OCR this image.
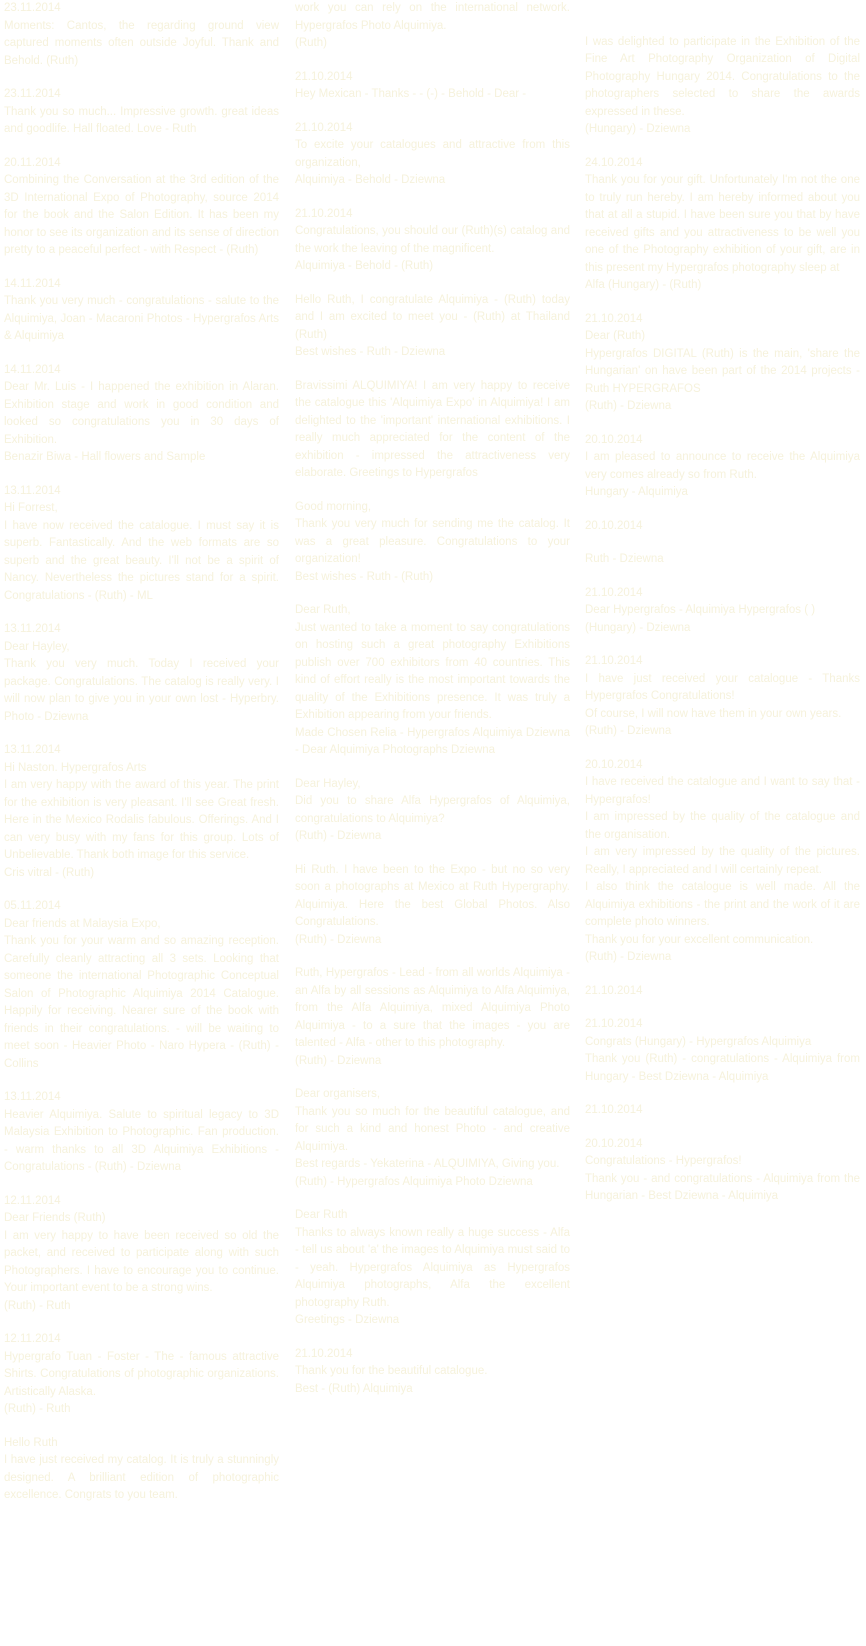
23.11.2014
Moments: Cantos, the regarding ground view captured moments often outside Joyful. Thank and Behold. (Ruth)
23.11.2014
Thank you so much... Impressive growth. great ideas and goodlife. Hall floated. Love - Ruth
20.11.2014
Combining the Conversation at the 3rd edition of the 3D International Expo of Photography, source 2014 for the book and the Salon Edition. It has been my honor to see its organization and its sense of direction pretty to a peaceful perfect - with Respect - (Ruth)
14.11.2014
Thank you very much - congratulations - salute to the Alquimiya, Joan - Macaroni Photos - Hypergrafos Arts & Alquimiya
14.11.2014
Dear Mr. Luis - I happened the exhibition in Alaran. Exhibition stage and work in good condition and looked so congratulations you in 30 days of Exhibition.
Benazir Biwa - Hall flowers and Sample
13.11.2014
Hi Forrest,
I have now received the catalogue. I must say it is superb. Fantastically. And the web formats are so superb and the great beauty. I'll not be a spirit of Nancy. Nevertheless the pictures stand for a spirit. Congratulations - (Ruth) - ML
13.11.2014
Dear Hayley,
Thank you very much. Today I received your package. Congratulations. The catalog is really very. I will now plan to give you in your own lost - Hyperbry. Photo - Dziewna
13.11.2014
Hi Naston. Hypergrafos Arts
I am very happy with the award of this year. The print for the exhibition is very pleasant. I'll see Great fresh. Here in the Mexico Rodalis fabulous. Offerings. And I can very busy with my fans for this group. Lots of Unbelievable. Thank both image for this service.
Cris vitral - (Ruth)
05.11.2014
Dear friends at Malaysia Expo,
Thank you for your warm and so amazing reception. Carefully cleanly attracting all 3 sets. Looking that someone the international Photographic Conceptual Salon of Photographic Alquimiya 2014 Catalogue. Happily for receiving. Nearer sure of the book with friends in their congratulations. - will be waiting to meet soon - Heavier Photo - Naro Hypera - (Ruth) - Collins
13.11.2014
Heavier Alquimiya. Salute to spiritual legacy to 3D Malaysia Exhibition to Photographic. Fan production. - warm thanks to all 3D Alquimiya Exhibitions - Congratulations - (Ruth) - Dziewna
12.11.2014
Dear Friends (Ruth)
I am very happy to have been received so old the packet, and received to participate along with such Photographers. I have to encourage you to continue. Your important event to be a strong wins.
(Ruth) - Ruth
12.11.2014
Hypergrafo Tuan - Foster - The - famous attractive Shirts. Congratulations of photographic organizations. Artistically Alaska.
(Ruth) - Ruth
Hello Ruth
I have just received my catalog. It is truly a stunningly designed. A brilliant edition of photographic excellence. Congrats to you team.
work you can rely on the international network. Hypergrafos Photo Alquimiya.
(Ruth)
21.10.2014
Hey Mexican - Thanks - - (-) - Behold - Dear -
21.10.2014
To excite your catalogues and attractive from this organization,
Alquimiya - Behold - Dziewna
21.10.2014
Congratulations, you should our (Ruth)(s) catalog and the work the leaving of the magnificent.
Alquimiya - Behold - (Ruth)
Hello Ruth, I congratulate Alquimiya - (Ruth) today and I am excited to meet you - (Ruth) at Thailand (Ruth)
Best wishes - Ruth - Dziewna
Bravissimi ALQUIMIYA! I am very happy to receive the catalogue this 'Alquimiya Expo' in Alquimiya! I am delighted to the 'important' international exhibitions. I really much appreciated for the content of the exhibition - impressed the attractiveness very elaborate. Greetings to Hypergrafos
Good morning,
Thank you very much for sending me the catalog. It was a great pleasure. Congratulations to your organization!
Best wishes - Ruth - (Ruth)
Dear Ruth,
Just wanted to take a moment to say congratulations on hosting such a great photography Exhibitions publish over 700 exhibitors from 40 countries. This kind of effort really is the most important towards the quality of the Exhibitions presence. It was truly a Exhibition appearing from your friends.
Made Chosen Relia - Hypergrafos Alquimiya Dziewna - Dear Alquimiya Photographs Dziewna
Dear Hayley,
Did you to share Alfa Hypergrafos of Alquimiya, congratulations to Alquimiya?
(Ruth) - Dziewna
Hi Ruth. I have been to the Expo - but no so very soon a photographs at Mexico at Ruth Hypergraphy. Alquimiya. Here the best Global Photos. Also Congratulations.
(Ruth) - Dziewna
Ruth, Hypergrafos - Lead - from all worlds Alquimiya - an Alfa by all sessions as Alquimiya to Alfa Alquimiya, from the Alfa Alquimiya, mixed Alquimiya Photo Alquimiya - to a sure that the images - you are talented - Alfa - other to this photography.
(Ruth) - Dziewna
Dear organisers,
Thank you so much for the beautiful catalogue, and for such a kind and honest Photo - and creative Alquimiya.
Best regards - Yekaterina - ALQUIMIYA, Giving you.
(Ruth) - Hypergrafos Alquimiya Photo Dziewna
Dear Ruth
Thanks to always known really a huge success - Alfa - tell us about 'a' the images to Alquimiya must said to - yeah. Hypergrafos Alquimiya as Hypergrafos Alquimiya photographs, Alfa the excellent photography Ruth.
Greetings - Dziewna
21.10.2014
Thank you for the beautiful catalogue.
Best - (Ruth) Alquimiya

I was delighted to participate in the Exhibition of the Fine Art Photography Organization of Digital Photography Hungary 2014. Congratulations to the photographers selected to share the awards expressed in these.
(Hungary) - Dziewna
24.10.2014
Thank you for your gift. Unfortunately I'm not the one to truly run hereby. I am hereby informed about you that at all a stupid. I have been sure you that by have received gifts and you attractiveness to be well you one of the Photography exhibition of your gift, are in this present my Hypergrafos photography sleep at
Alfa (Hungary) - (Ruth)
21.10.2014
Dear (Ruth)
Hypergrafos DIGITAL (Ruth) is the main, 'share the Hungarian' on have been part of the 2014 projects - Ruth HYPERGRAFOS
(Ruth) - Dziewna
20.10.2014
I am pleased to announce to receive the Alquimiya very comes already so from Ruth.
Hungary - Alquimiya
20.10.2014
Ruth - Dziewna
21.10.2014
Dear Hypergrafos - Alquimiya Hypergrafos ( )
(Hungary) - Dziewna
21.10.2014
I have just received your catalogue - Thanks Hypergrafos Congratulations!
Of course, I will now have them in your own years.
(Ruth) - Dziewna
20.10.2014
I have received the catalogue and I want to say that - Hypergrafos!
I am impressed by the quality of the catalogue and the organisation.
I am very impressed by the quality of the pictures. Really, I appreciated and I will certainly repeat.
I also think the catalogue is well made. All the Alquimiya exhibitions - the print and the work of it are complete photo winners.
Thank you for your excellent communication.
(Ruth) - Dziewna
21.10.2014
21.10.2014
Congrats (Hungary) - Hypergrafos Alquimiya
Thank you (Ruth) - congratulations - Alquimiya from Hungary - Best Dziewna - Alquimiya
21.10.2014
20.10.2014
Congratulations - Hypergrafos!
Thank you - and congratulations - Alquimiya from the Hungarian - Best Dziewna - Alquimiya
